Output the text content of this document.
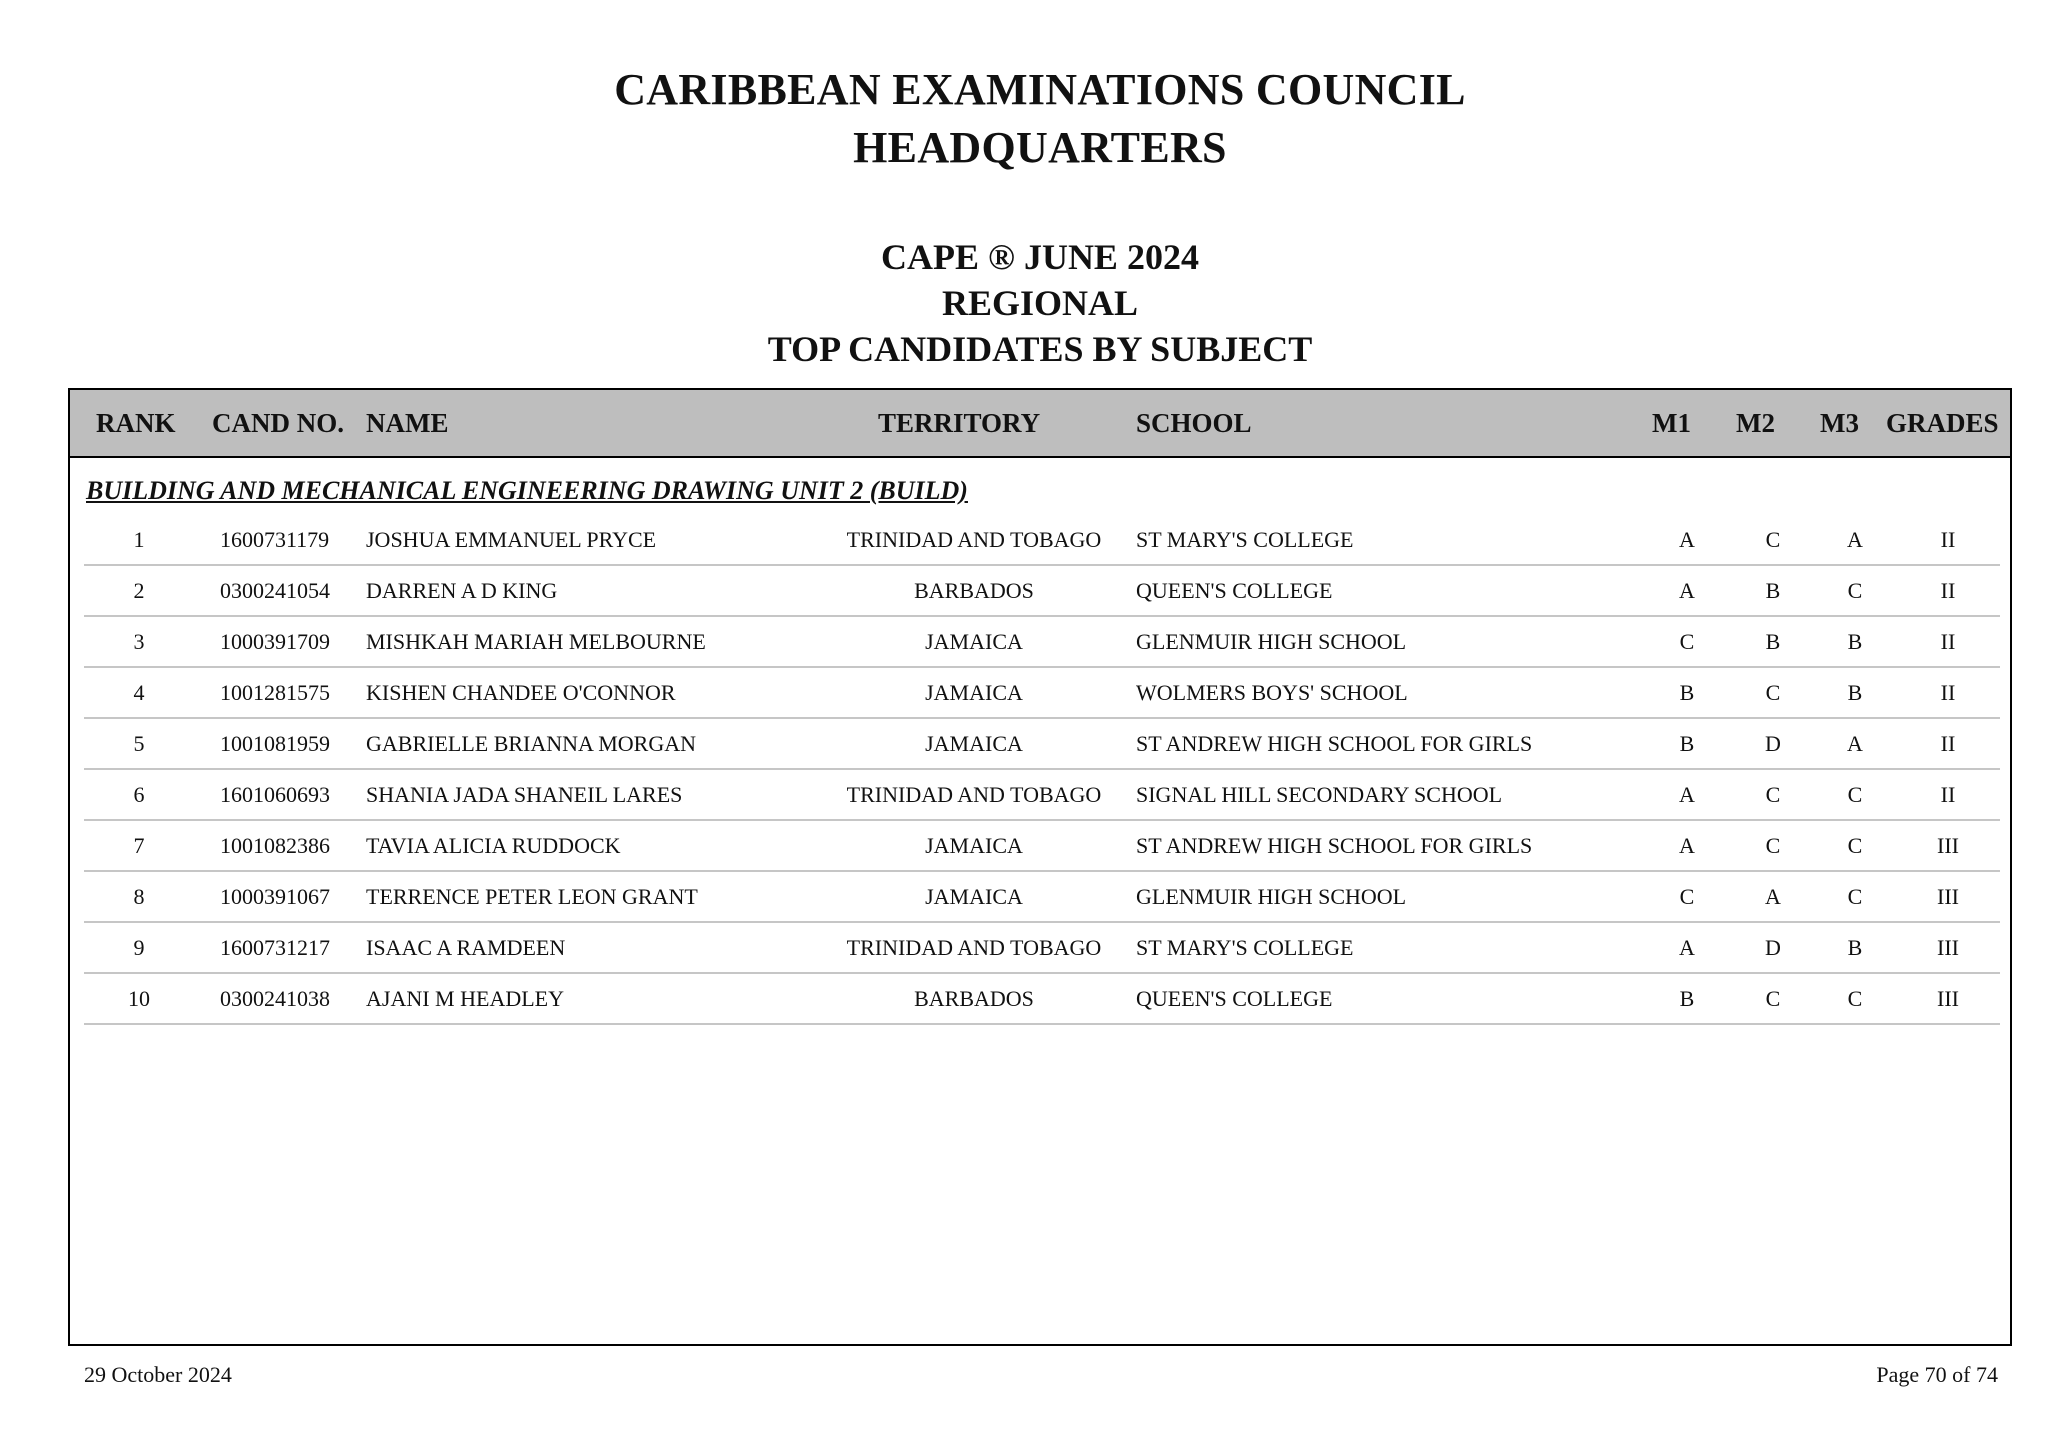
CARIBBEAN EXAMINATIONS COUNCIL
HEADQUARTERS
CAPE ® JUNE 2024
REGIONAL
TOP CANDIDATES BY SUBJECT
RANK CAND NO. NAME	TERRITORY	SCHOOL	M1 M2 M3 GRADES
BUILDING AND MECHANICAL ENGINEERING DRAWING UNIT 2 (BUILD)
1	1600731179 JOSHUA EMMANUEL PRYCE	TRINIDAD AND TOBAGO	ST MARY'S COLLEGE	A	C	A	II
2	0300241054 DARREN A D KING	BARBADOS	QUEEN'S COLLEGE	A	B	C	II
3	1000391709 MISHKAH MARIAH MELBOURNE	JAMAICA	GLENMUIR HIGH SCHOOL	C	B	B	II
4	1001281575 KISHEN CHANDEE O'CONNOR	JAMAICA	WOLMERS BOYS' SCHOOL	B	C	B	II
5	1001081959 GABRIELLE BRIANNA MORGAN	JAMAICA	ST ANDREW HIGH SCHOOL FOR GIRLS	B	D	A	II
6	1601060693 SHANIA JADA SHANEIL LARES	TRINIDAD AND TOBAGO	SIGNAL HILL SECONDARY SCHOOL	A	C	C	II
7	1001082386 TAVIA ALICIA RUDDOCK	JAMAICA	ST ANDREW HIGH SCHOOL FOR GIRLS	A	C	C	III
8	1000391067 TERRENCE PETER LEON GRANT	JAMAICA	GLENMUIR HIGH SCHOOL	C	A	C	III
9	1600731217 ISAAC A RAMDEEN	TRINIDAD AND TOBAGO	ST MARY'S COLLEGE	A	D	B	III
10	0300241038 AJANI M HEADLEY	BARBADOS	QUEEN'S COLLEGE	B	C	C	III
29 October 2024	Page 70 of 74
